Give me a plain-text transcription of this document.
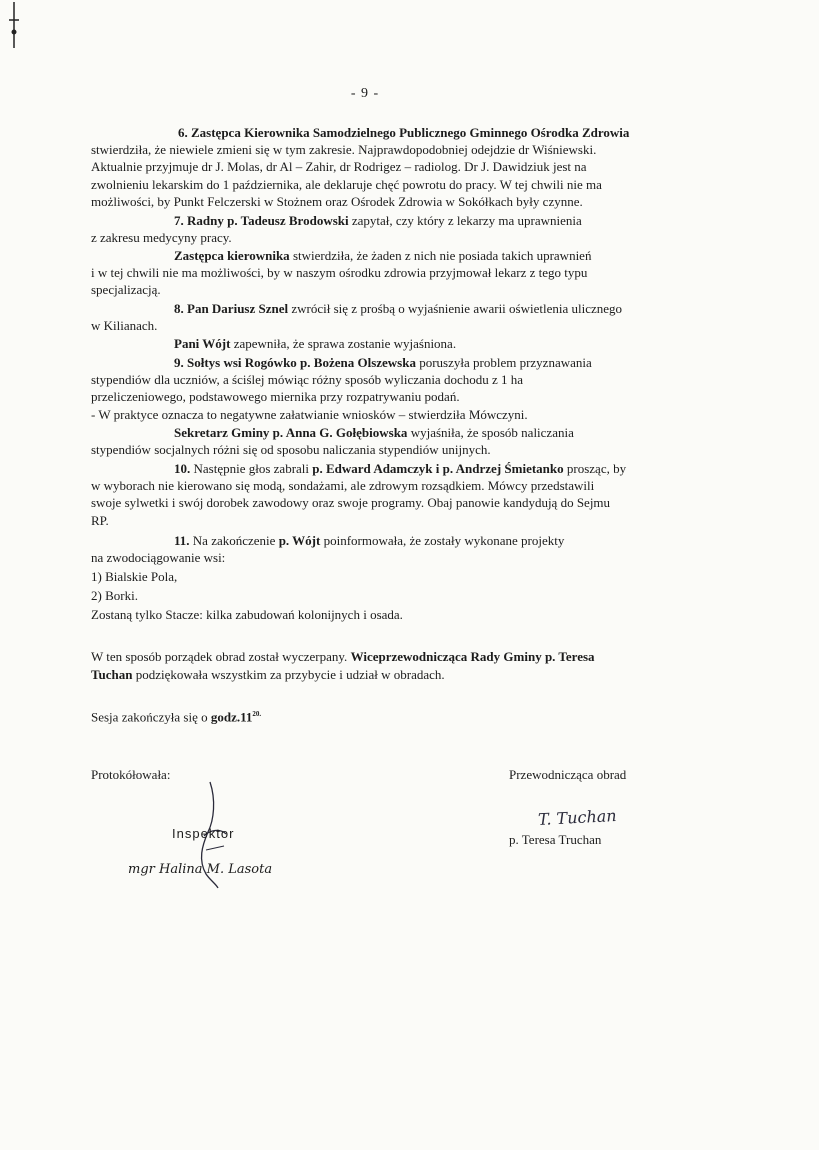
- 9 -
6. Zastępca Kierownika Samodzielnego Publicznego Gminnego Ośrodka Zdrowia
stwierdziła, że niewiele zmieni się w tym zakresie. Najprawdopodobniej odejdzie dr Wiśniewski.
Aktualnie przyjmuje dr J. Molas, dr Al – Zahir, dr Rodrigez – radiolog. Dr J. Dawidziuk jest na
zwolnieniu lekarskim do 1 października, ale deklaruje chęć powrotu do pracy. W tej chwili nie ma
możliwości, by Punkt Felczerski w Stożnem oraz Ośrodek Zdrowia w Sokółkach były czynne.
7. Radny p. Tadeusz Brodowski zapytał, czy który z lekarzy ma uprawnienia
z zakresu medycyny pracy.
Zastępca kierownika stwierdziła, że żaden z nich nie posiada takich uprawnień
i w tej chwili nie ma możliwości, by w naszym ośrodku zdrowia przyjmował lekarz z tego typu
specjalizacją.
8. Pan Dariusz Sznel zwrócił się z prośbą o wyjaśnienie awarii oświetlenia ulicznego
w Kilianach.
Pani Wójt zapewniła, że sprawa zostanie wyjaśniona.
9. Sołtys wsi Rogówko p. Bożena Olszewska poruszyła problem przyznawania
stypendiów dla uczniów, a ściślej mówiąc różny sposób wyliczania dochodu z 1 ha
przeliczeniowego, podstawowego miernika przy rozpatrywaniu podań.
- W praktyce oznacza to negatywne załatwianie wniosków – stwierdziła Mówczyni.
Sekretarz Gminy p. Anna G. Gołębiowska wyjaśniła, że sposób naliczania
stypendiów socjalnych różni się od sposobu naliczania stypendiów unijnych.
10. Następnie głos zabrali p. Edward Adamczyk i p. Andrzej Śmietanko prosząc, by
w wyborach nie kierowano się modą, sondażami, ale zdrowym rozsądkiem. Mówcy przedstawili
swoje sylwetki i swój dorobek zawodowy oraz swoje programy. Obaj panowie kandydują do Sejmu
RP.
11. Na zakończenie p. Wójt poinformowała, że zostały wykonane projekty
na zwodociągowanie wsi:
1) Bialskie Pola,
2) Borki.
Zostaną tylko Stacze: kilka zabudowań kolonijnych i osada.
W ten sposób porządek obrad został wyczerpany. Wiceprzewodnicząca Rady Gminy p. Teresa
Tuchan podziękowała wszystkim za przybycie i udział w obradach.
Sesja zakończyła się o $godz.11^{20.}$
Protokółowała:	Przewodnicząca obrad
Inspektor
mgr Halina M. Lasota
T. Tuchan
p. Teresa Truchan
